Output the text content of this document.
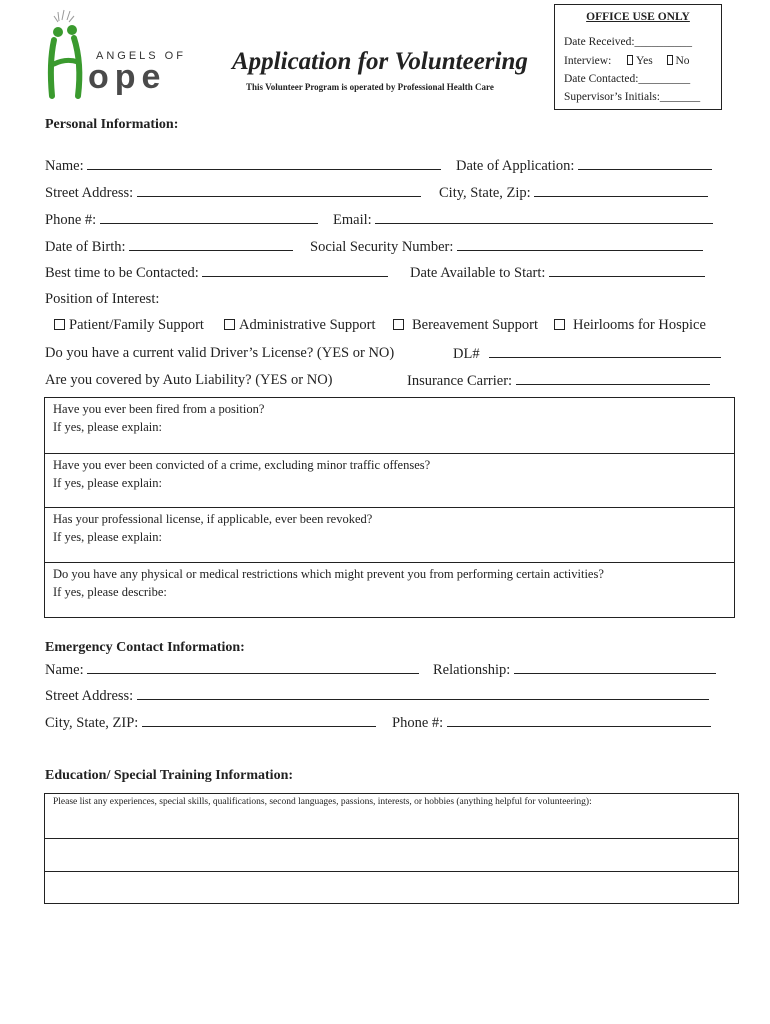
ANGELS OF
ope	Application for Volunteering
This Volunteer Program is operated by Professional Health Care
OFFICE USE ONLY
Date Received:__________
Interview: Yes No
Date Contacted:_________
Supervisor’s Initials:_______
Personal Information:
Name:	Date of Application:
Street Address:	City, State, Zip:
Phone #:	Email:
Date of Birth:	Social Security Number:
Best time to be Contacted:	Date Available to Start:
Position of Interest:
Patient/Family Support	Administrative Support	Bereavement Support	Heirlooms for Hospice
Do you have a current valid Driver’s License? (YES or NO)	DL#
Are you covered by Auto Liability? (YES or NO)	Insurance Carrier:
Have you ever been fired from a position?
If yes, please explain:
Have you ever been convicted of a crime, excluding minor traffic offenses?
If yes, please explain:
Has your professional license, if applicable, ever been revoked?
If yes, please explain:
Do you have any physical or medical restrictions which might prevent you from performing certain activities?
If yes, please describe:
Emergency Contact Information:
Name:	Relationship:
Street Address:
City, State, ZIP:	Phone #:
Education/ Special Training Information:
Please list any experiences, special skills, qualifications, second languages, passions, interests, or hobbies (anything helpful for volunteering):
